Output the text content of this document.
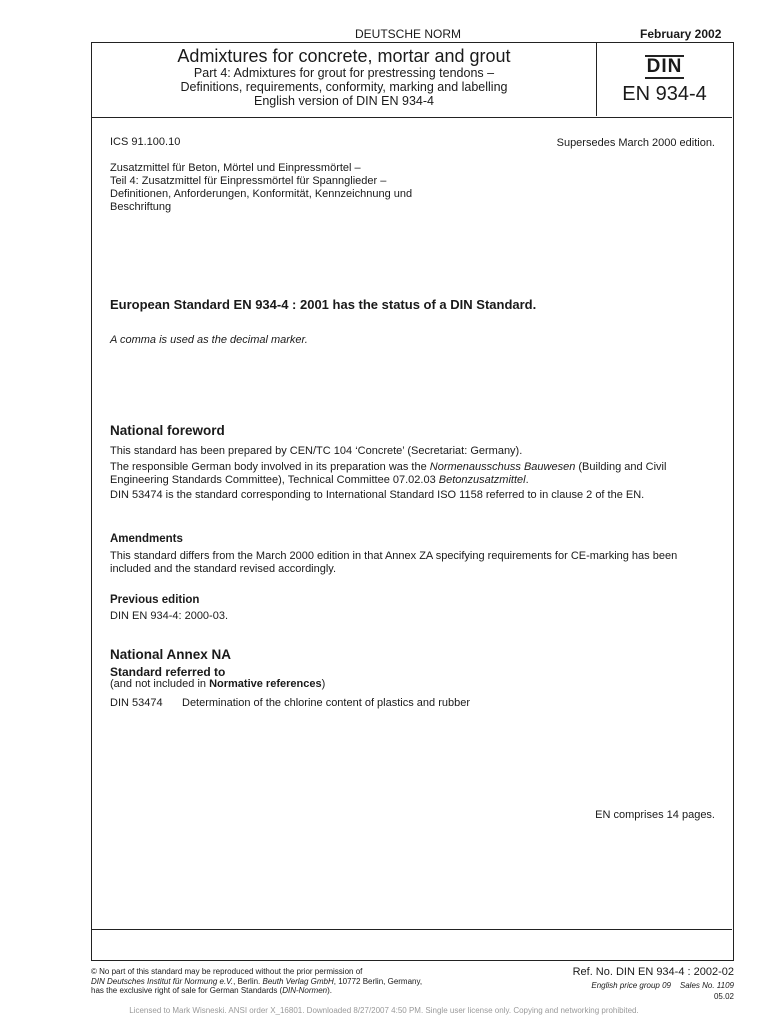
DEUTSCHE NORM	February 2002
Admixtures for concrete, mortar and grout
Part 4: Admixtures for grout for prestressing tendons –
Definitions, requirements, conformity, marking and labelling
English version of DIN EN 934-4
DIN
EN 934-4
ICS 91.100.10	Supersedes March 2000 edition.
Zusatzmittel für Beton, Mörtel und Einpressmörtel –
Teil 4: Zusatzmittel für Einpressmörtel für Spannglieder –
Definitionen, Anforderungen, Konformität, Kennzeichnung und
Beschriftung
European Standard EN 934-4 : 2001 has the status of a DIN Standard.
A comma is used as the decimal marker.
National foreword
This standard has been prepared by CEN/TC 104 ‘Concrete’ (Secretariat: Germany).
The responsible German body involved in its preparation was the Normenausschuss Bauwesen (Building and Civil Engineering Standards Committee), Technical Committee 07.02.03 Betonzusatzmittel.
DIN 53474 is the standard corresponding to International Standard ISO 1158 referred to in clause 2 of the EN.
Amendments
This standard differs from the March 2000 edition in that Annex ZA specifying requirements for CE-marking has been included and the standard revised accordingly.
Previous edition
DIN EN 934-4: 2000-03.
National Annex NA
Standard referred to
(and not included in Normative references)
DIN 53474 Determination of the chlorine content of plastics and rubber
EN comprises 14 pages.
© No part of this standard may be reproduced without the prior permission of
DIN Deutsches Institut für Normung e.V., Berlin. Beuth Verlag GmbH, 10772 Berlin, Germany,
has the exclusive right of sale for German Standards (DIN-Normen).
Ref. No. DIN EN 934-4 : 2002-02
English price group 09 Sales No. 1109
05.02
Licensed to Mark Wisneski. ANSI order X_16801. Downloaded 8/27/2007 4:50 PM. Single user license only. Copying and networking prohibited.
